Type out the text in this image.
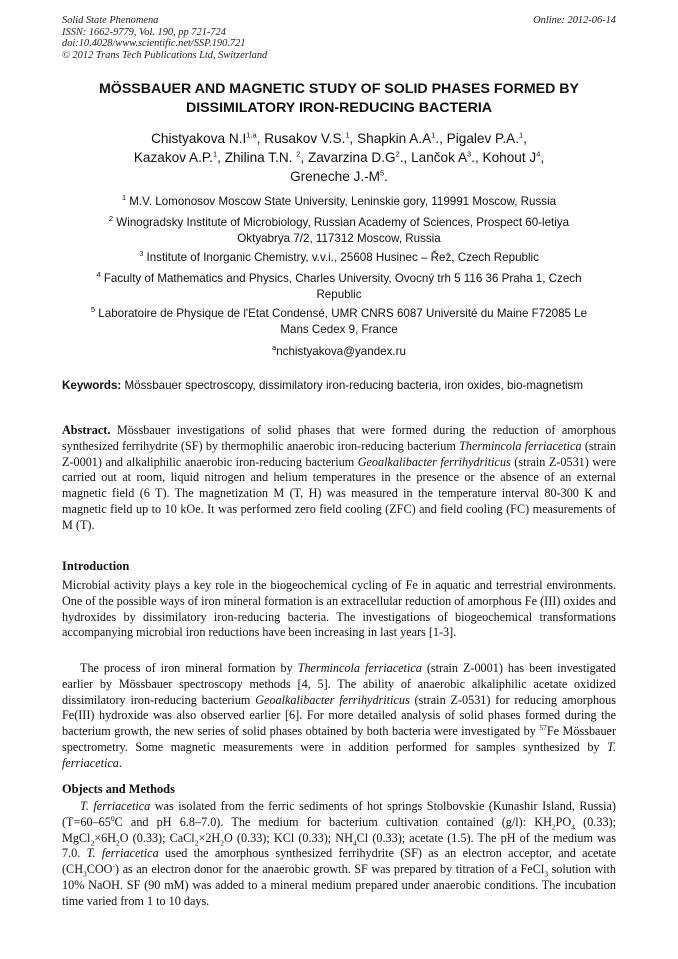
Solid State Phenomena
ISSN: 1662-9779, Vol. 190, pp 721-724
doi:10.4028/www.scientific.net/SSP.190.721
© 2012 Trans Tech Publications Ltd, Switzerland
Online: 2012-06-14
MÖSSBAUER AND MAGNETIC STUDY OF SOLID PHASES FORMED BY
DISSIMILATORY IRON-REDUCING BACTERIA
Chistyakova $N.I^{1,a}$, Rusakov V.S.$^1$, Shapkin $A.A^1$., Pigalev P.A.$^1$,
Kazakov A.P.$^1$, Zhilina T.N. $^2$, Zavarzina $D.G^2$., Lančok $A^3$., Kohout $J^4$,
Greneche $J.-M^5$.
$^1$ M.V. Lomonosov Moscow State University, Leninskie gory, 119991 Moscow, Russia
$^2$ Winogradsky Institute of Microbiology, Russian Academy of Sciences, Prospect 60-letiya
Oktyabrya 7/2, 117312 Moscow, Russia
$^3$ Institute of Inorganic Chemistry, v.v.i., 25608 Husinec – Řež, Czech Republic
$^4$ Faculty of Mathematics and Physics, Charles University, Ovocný trh 5 116 36 Praha 1, Czech
Republic
$^5$ Laboratoire de Physique de l'Etat Condensé, UMR CNRS 6087 Université du Maine F72085 Le
Mans Cedex 9, France
$^a$nchistyakova@yandex.ru
Keywords: Mössbauer spectroscopy, dissimilatory iron-reducing bacteria, iron oxides, bio-magnetism
Abstract. Mössbauer investigations of solid phases that were formed during the reduction of amorphous synthesized ferrihydrite (SF) by thermophilic anaerobic iron-reducing bacterium Thermincola ferriacetica (strain Z-0001) and alkaliphilic anaerobic iron-reducing bacterium Geoalkalibacter ferrihydriticus (strain Z-0531) were carried out at room, liquid nitrogen and helium temperatures in the presence or the absence of an external magnetic field (6 T). The magnetization M (T, H) was measured in the temperature interval 80-300 K and magnetic field up to 10 kOe. It was performed zero field cooling (ZFC) and field cooling (FC) measurements of M (T).
Introduction

Microbial activity plays a key role in the biogeochemical cycling of Fe in aquatic and terrestrial environments. One of the possible ways of iron mineral formation is an extracellular reduction of amorphous Fe (III) oxides and hydroxides by dissimilatory iron-reducing bacteria. The investigations of biogeochemical transformations accompanying microbial iron reductions have been increasing in last years [1-3].

The process of iron mineral formation by Thermincola ferriacetica (strain Z-0001) has been investigated earlier by Mössbauer spectroscopy methods [4, 5]. The ability of anaerobic alkaliphilic acetate oxidized dissimilatory iron-reducing bacterium Geoalkalibacter ferrihydriticus (strain Z-0531) for reducing amorphous Fe(III) hydroxide was also observed earlier [6]. For more detailed analysis of solid phases formed during the bacterium growth, the new series of solid phases obtained by both bacteria were investigated by $^{57}$Fe Mössbauer spectrometry. Some magnetic measurements were in addition performed for samples synthesized by T. ferriacetica.

Objects and Methods

T. ferriacetica was isolated from the ferric sediments of hot springs Stolbovskie (Kunashir Island, Russia) ($T=60-65^0C$ and pH 6.8–7.0). The medium for bacterium cultivation contained (g/l): $KH_2PO_4$ (0.33); $MgCl_2\times 6H_2O$ (0.33); $CaCl_2\times 2H_2O$ (0.33); KCl (0.33); $NH_4Cl$ (0.33); acetate (1.5). The pH of the medium was 7.0. T. ferriacetica used the amorphous synthesized ferrihydrite (SF) as an electron acceptor, and acetate $(CH_3COO^-)$ as an electron donor for the anaerobic growth. SF was prepared by titration of a FeCl$_3$ solution with 10% NaOH. SF (90 mM) was added to a mineral medium prepared under anaerobic conditions. The incubation time varied from 1 to 10 days.
